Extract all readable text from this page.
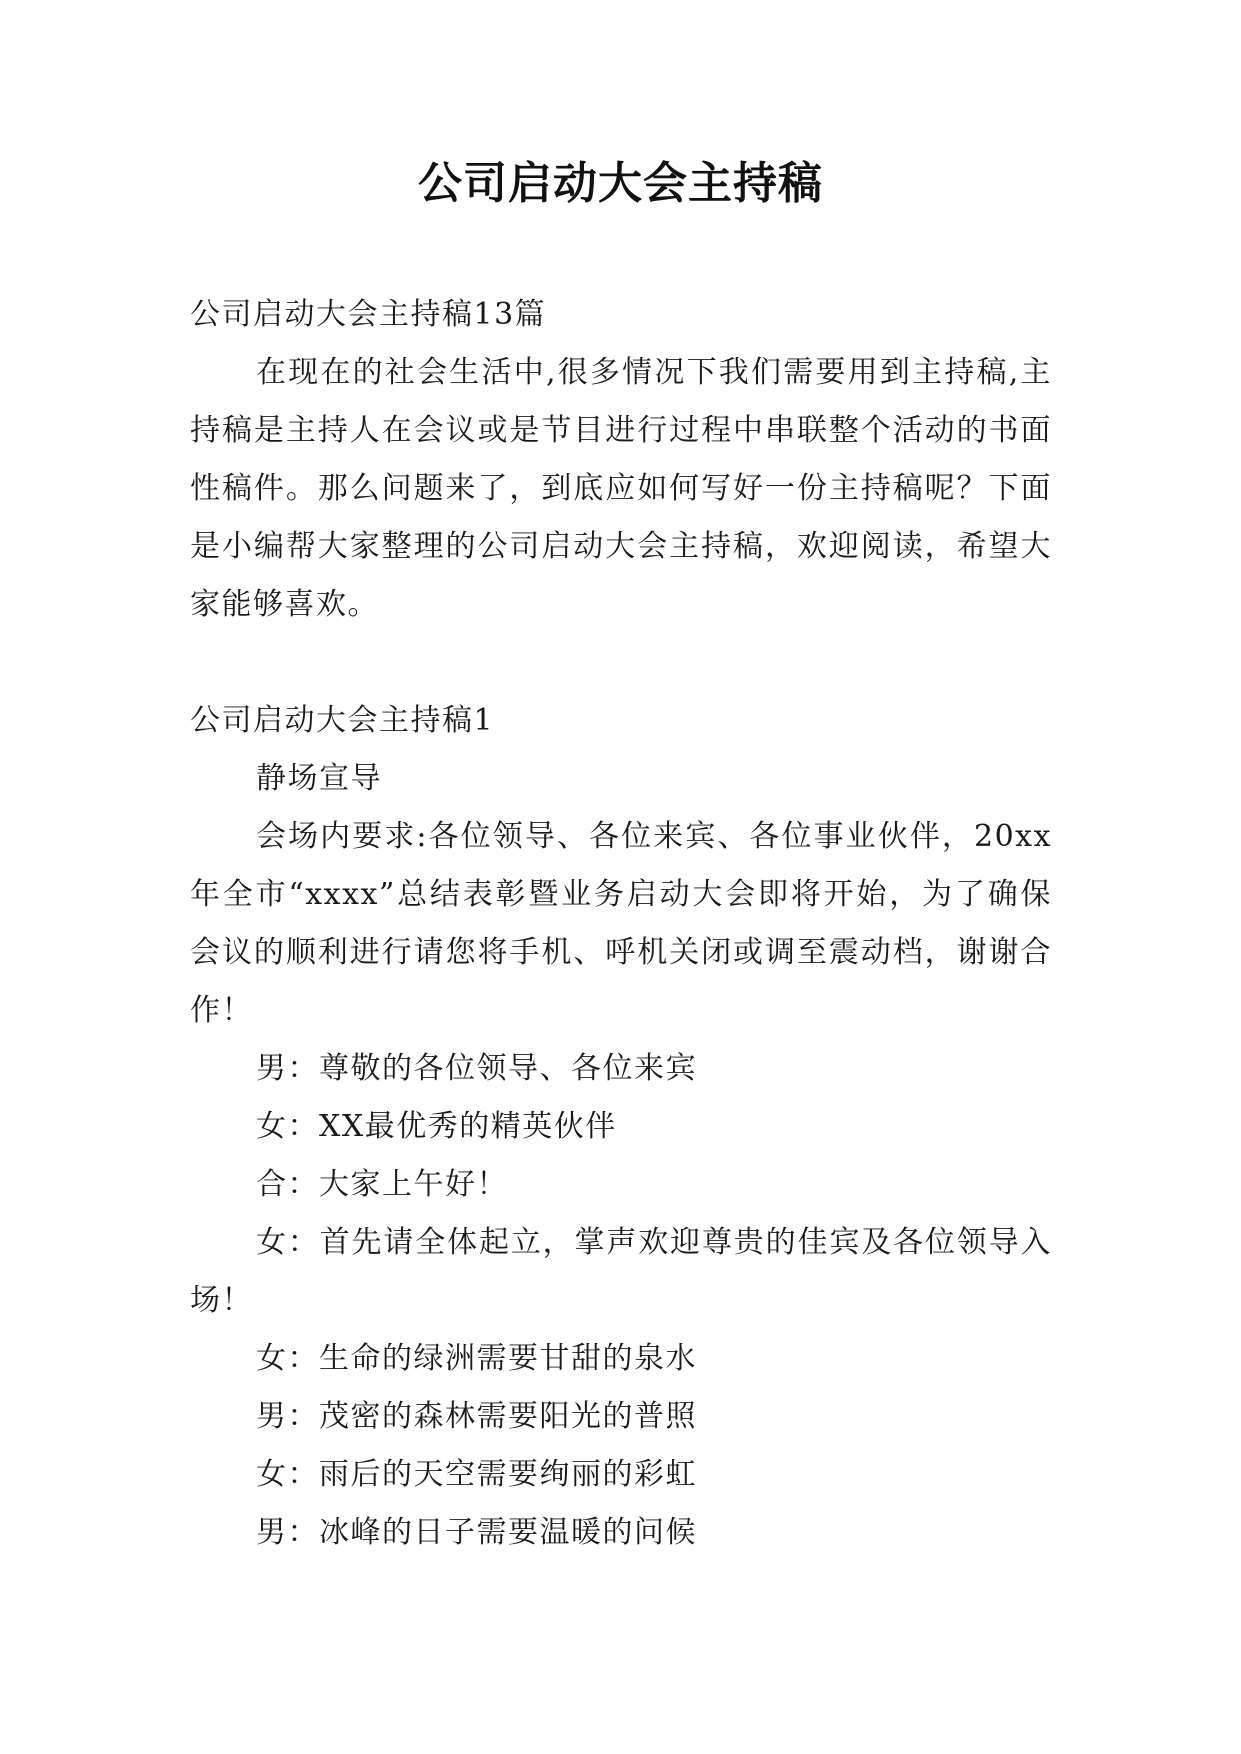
公司启动大会主持稿

公司启动大会主持稿13篇

在现在的社会生活中,很多情况下我们需要用到主持稿,主持稿是主持人在会议或是节目进行过程中串联整个活动的书面性稿件。那么问题来了，到底应如何写好一份主持稿呢？下面是小编帮大家整理的公司启动大会主持稿，欢迎阅读，希望大家能够喜欢。

公司启动大会主持稿1

静场宣导

会场内要求:各位领导、各位来宾、各位事业伙伴，20xx年全市“xxxx”总结表彰暨业务启动大会即将开始，为了确保会议的顺利进行请您将手机、呼机关闭或调至震动档，谢谢合作！

男：尊敬的各位领导、各位来宾

女：XX最优秀的精英伙伴

合：大家上午好！

女：首先请全体起立，掌声欢迎尊贵的佳宾及各位领导入场！

女：生命的绿洲需要甘甜的泉水

男：茂密的森林需要阳光的普照

女：雨后的天空需要绚丽的彩虹

男：冰峰的日子需要温暖的问候
